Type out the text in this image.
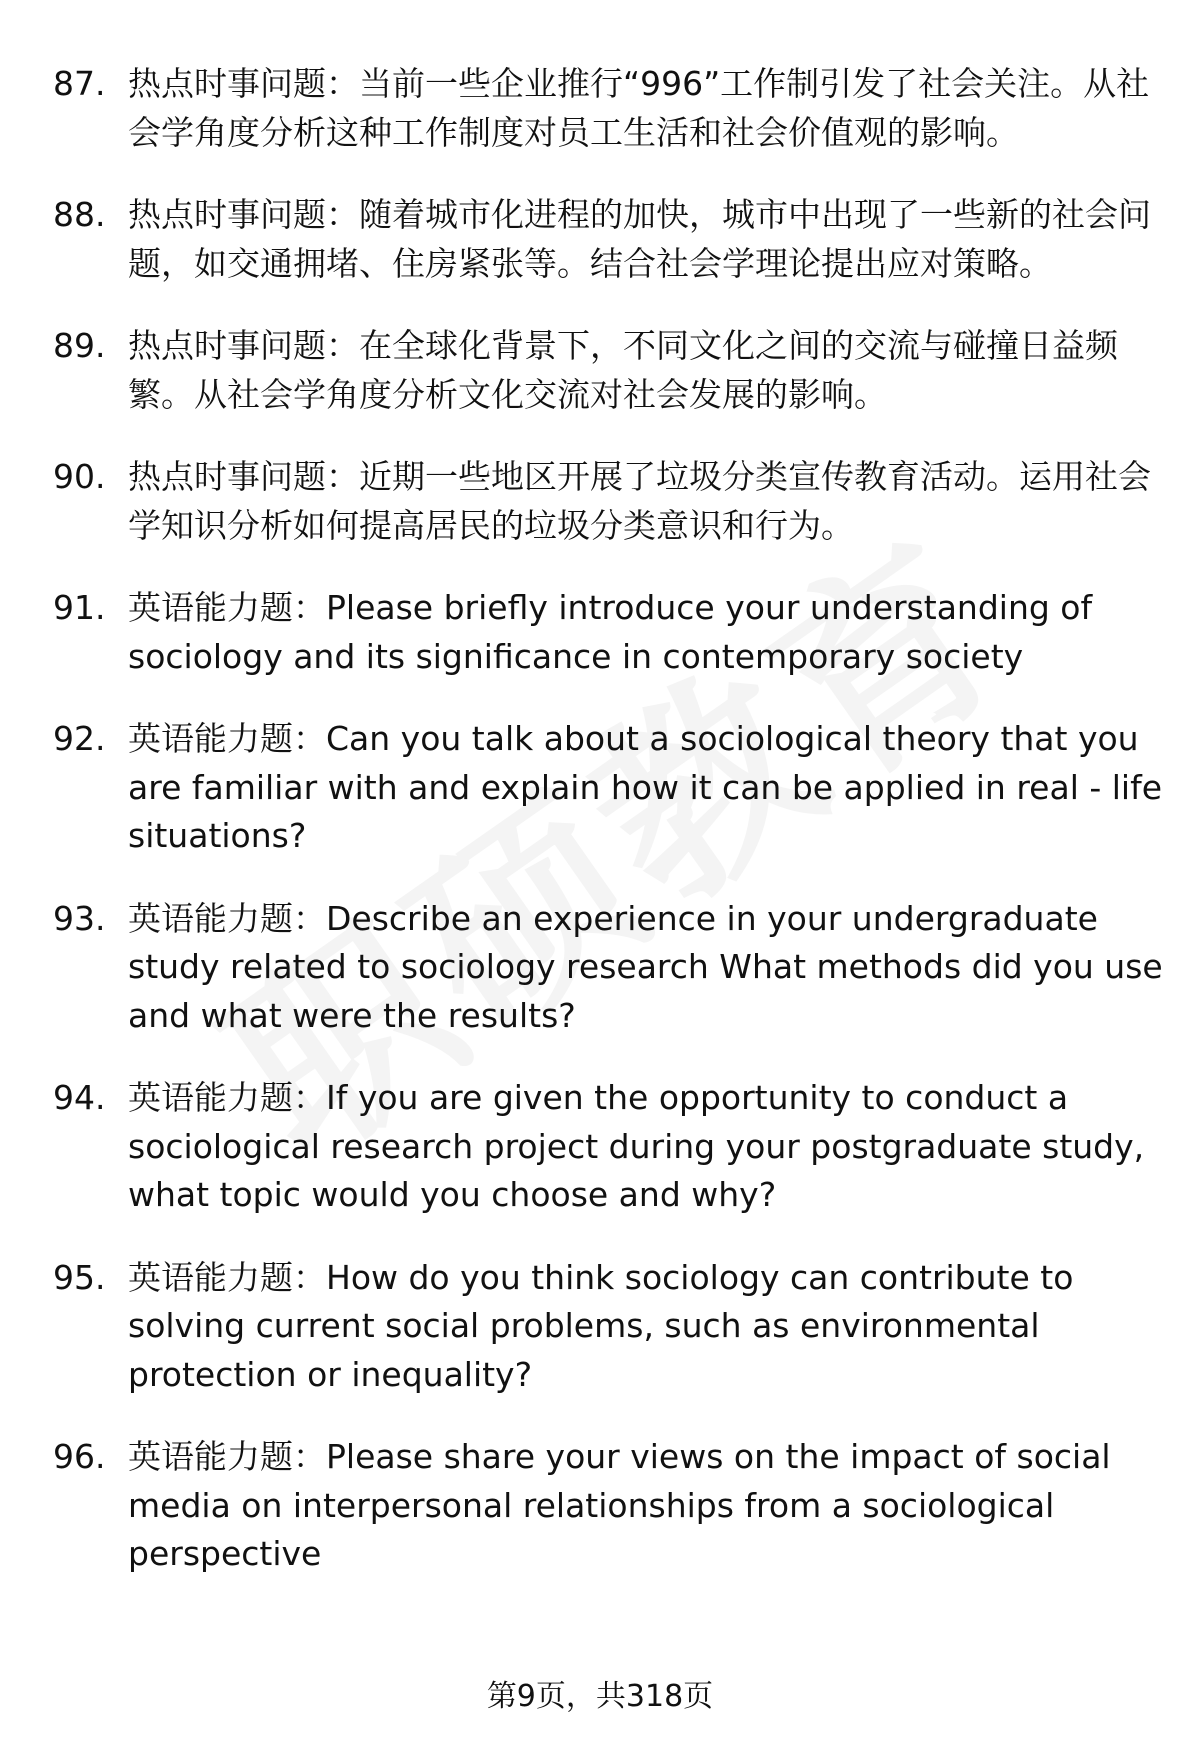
87. 热点时事问题：当前一些企业推行“996”工作制引发了社会关注。从社会学角度分析这种工作制度对员工生活和社会价值观的影响。
88. 热点时事问题：随着城市化进程的加快，城市中出现了一些新的社会问题，如交通拥堵、住房紧张等。结合社会学理论提出应对策略。
89. 热点时事问题：在全球化背景下，不同文化之间的交流与碰撞日益频繁。从社会学角度分析文化交流对社会发展的影响。
90. 热点时事问题：近期一些地区开展了垃圾分类宣传教育活动。运用社会学知识分析如何提高居民的垃圾分类意识和行为。
91. 英语能力题：Please briefly introduce your understanding of sociology and its significance in contemporary society
92. 英语能力题：Can you talk about a sociological theory that you are familiar with and explain how it can be applied in real - life situations?
93. 英语能力题：Describe an experience in your undergraduate study related to sociology research What methods did you use and what were the results?
94. 英语能力题：If you are given the opportunity to conduct a sociological research project during your postgraduate study, what topic would you choose and why?
95. 英语能力题：How do you think sociology can contribute to solving current social problems, such as environmental protection or inequality?
96. 英语能力题：Please share your views on the impact of social media on interpersonal relationships from a sociological perspective
第9页，共318页
